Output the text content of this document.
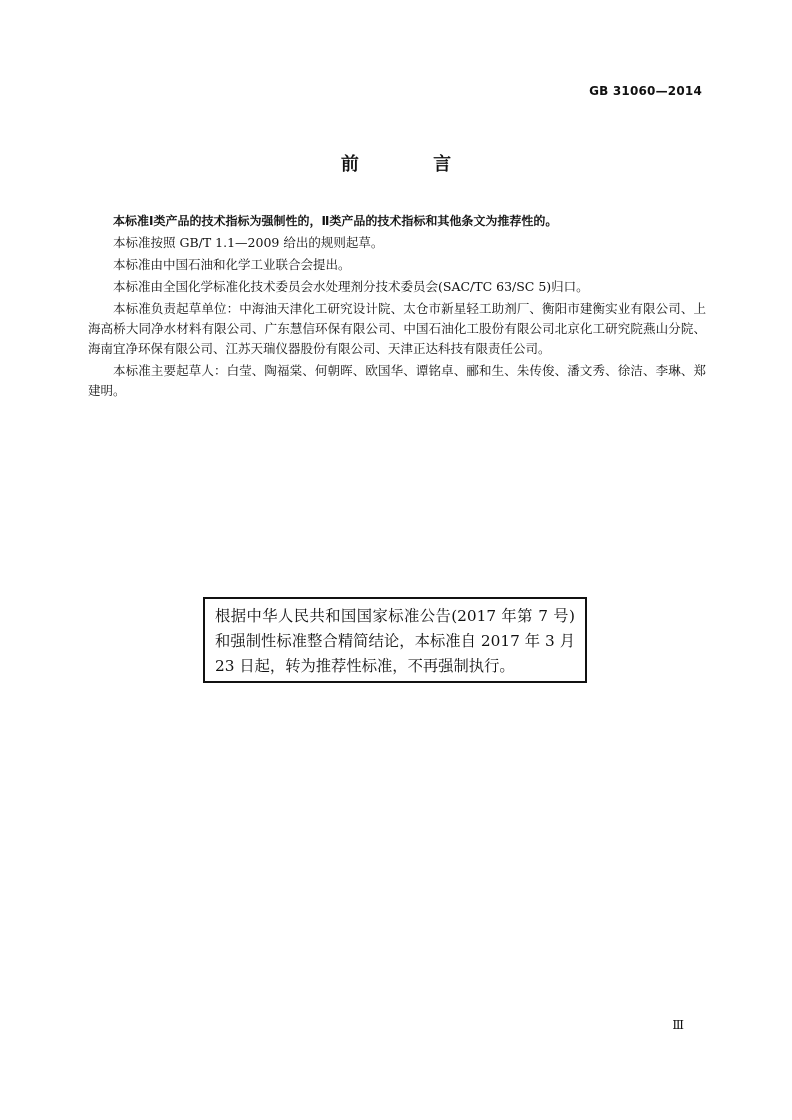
GB 31060—2014
前 言

本标准Ⅰ类产品的技术指标为强制性的，Ⅱ类产品的技术指标和其他条文为推荐性的。

本标准按照 GB/T 1.1—2009 给出的规则起草。

本标准由中国石油和化学工业联合会提出。

本标准由全国化学标准化技术委员会水处理剂分技术委员会(SAC/TC 63/SC 5)归口。

本标准负责起草单位：中海油天津化工研究设计院、太仓市新星轻工助剂厂、衡阳市建衡实业有限公司、上海高桥大同净水材料有限公司、广东慧信环保有限公司、中国石油化工股份有限公司北京化工研究院燕山分院、海南宜净环保有限公司、江苏天瑞仪器股份有限公司、天津正达科技有限责任公司。

本标准主要起草人：白莹、陶福棠、何朝晖、欧国华、谭铭卓、郦和生、朱传俊、潘文秀、徐洁、李琳、郑建明。

根据中华人民共和国国家标准公告(2017 年第 7 号)和强制性标准整合精简结论，本标准自 2017 年 3 月 23 日起，转为推荐性标准，不再强制执行。
Ⅲ
